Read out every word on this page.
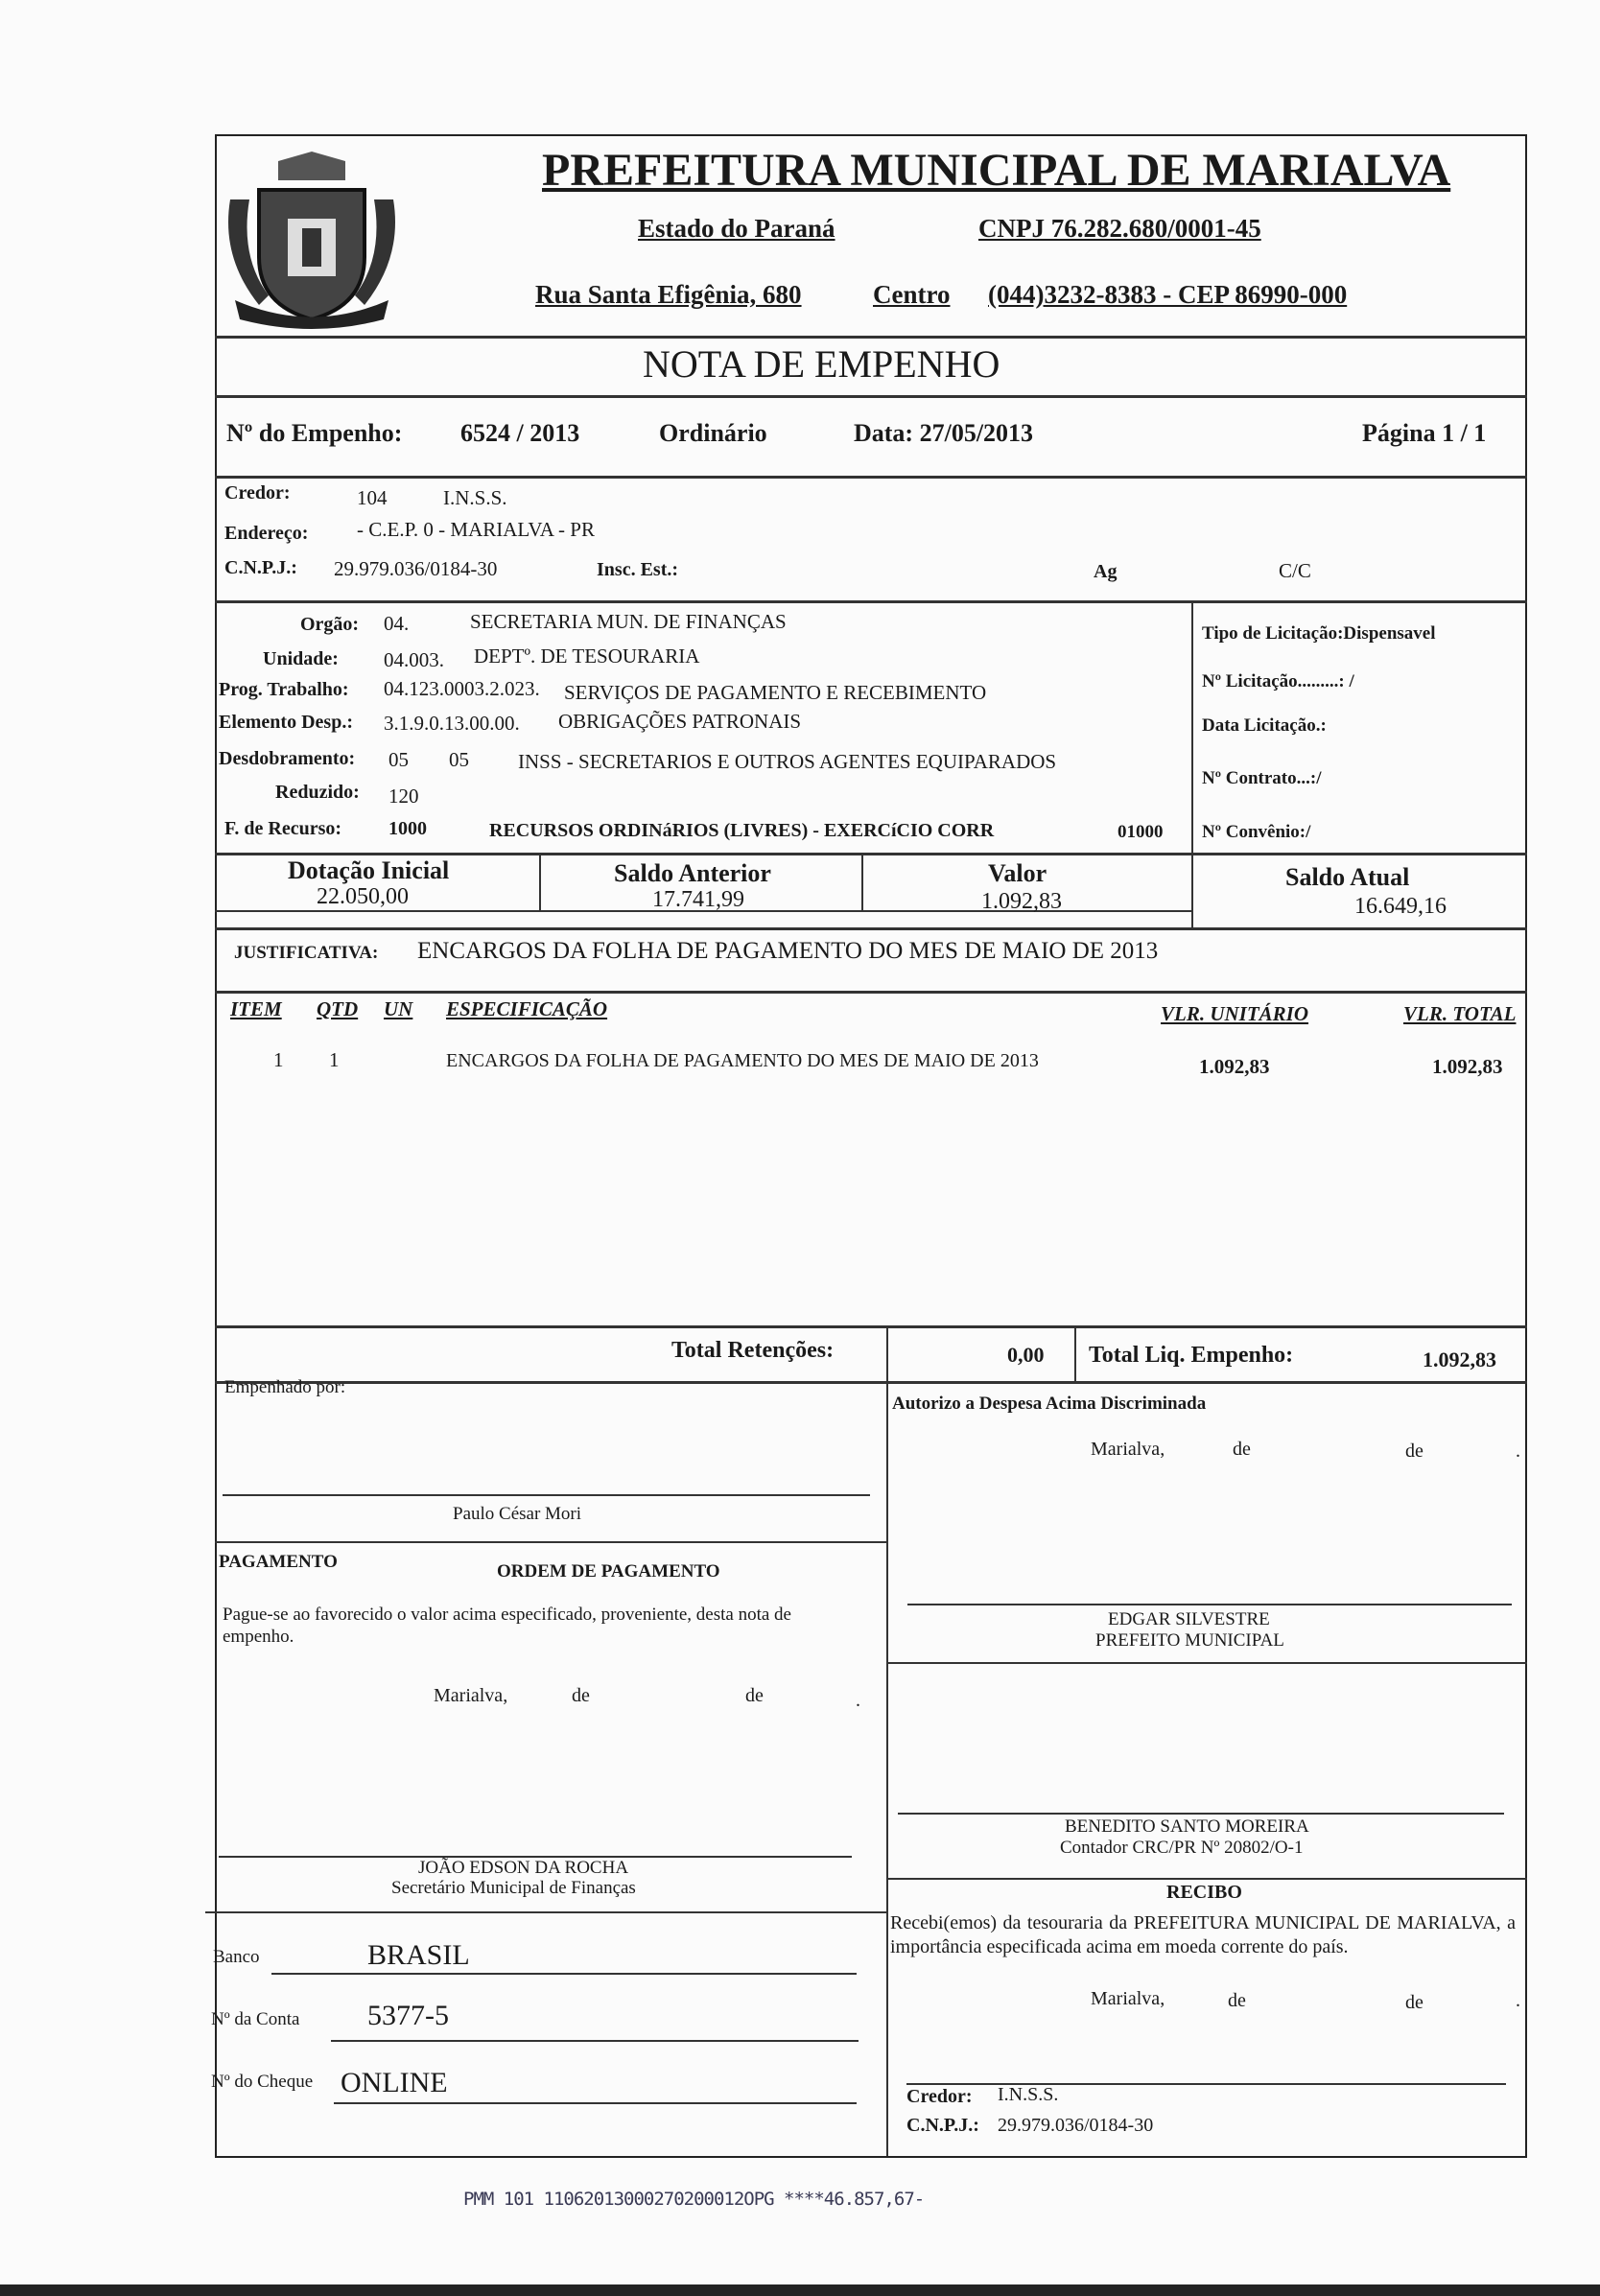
PREFEITURA MUNICIPAL DE MARIALVA
Estado do Paraná	CNPJ 76.282.680/0001-45
Rua Santa Efigênia, 680	Centro (044)3232-8383 - CEP 86990-000
NOTA DE EMPENHO
Nº do Empenho: 6524 / 2013	Ordinário	Data: 27/05/2013	Página 1 / 1
Credor:	104	I.N.S.S.
Endereço: - C.E.P. 0 - MARIALVA - PR
C.N.P.J.: 29.979.036/0184-30	Insc. Est.:	Ag	C/C
Orgão: 04.	SECRETARIA MUN. DE FINANÇAS
Unidade: 04.003. DEPTº. DE TESOURARIA
Prog. Trabalho: 04.123.0003.2.023. SERVIÇOS DE PAGAMENTO E RECEBIMENTO
Elemento Desp.: 3.1.9.0.13.00.00. OBRIGAÇÕES PATRONAIS
Desdobramento: 05 05 INSS - SECRETARIOS E OUTROS AGENTES EQUIPARADOS
Reduzido: 120
F. de Recurso: 1000	RECURSOS ORDINáRIOS (LIVRES) - EXERCíCIO CORR	01000
Tipo de Licitação:Dispensavel
Nº Licitação.........: /
Data Licitação.:
Nº Contrato...:/
Nº Convênio:/
Dotação Inicial
22.050,00
Saldo Anterior
17.741,99
Valor
1.092,83
Saldo Atual
16.649,16
JUSTIFICATIVA: ENCARGOS DA FOLHA DE PAGAMENTO DO MES DE MAIO DE 2013
ITEM QTD UN ESPECIFICAÇÃO	VLR. UNITÁRIO	VLR. TOTAL
1 1	ENCARGOS DA FOLHA DE PAGAMENTO DO MES DE MAIO DE 2013	1.092,83	1.092,83
Total Retenções:	0,00 Total Liq. Empenho:	1.092,83
Empenhado por:
Paulo César Mori
PAGAMENTO	ORDEM DE PAGAMENTO
Pague-se ao favorecido o valor acima especificado, proveniente, desta nota de empenho.
Marialva,	de	de	.
JOÃO EDSON DA ROCHA
Secretário Municipal de Finanças
Banco	BRASIL
Nº da Conta 5377-5
Nº do Cheque ONLINE
Autorizo a Despesa Acima Discriminada
Marialva,	de	de	.
EDGAR SILVESTRE
PREFEITO MUNICIPAL
BENEDITO SANTO MOREIRA
Contador CRC/PR Nº 20802/O-1
RECIBO
Recebi(emos) da tesouraria da PREFEITURA MUNICIPAL DE MARIALVA, a importância especificada acima em moeda corrente do país.
Marialva,	de	de	.
Credor: I.N.S.S.
C.N.P.J.: 29.979.036/0184-30
PMM 101 11062013000270200012OPG ****46.857,67-
